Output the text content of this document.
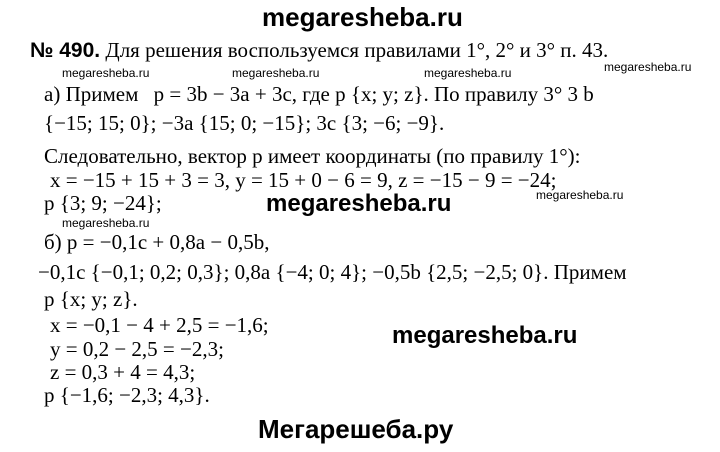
megaresheba.ru
№ 490. Для решения воспользуемся правилами 1°, 2° и 3° п. 43.
megaresheba.ru	megaresheba.ru	megaresheba.ru	megaresheba.ru
а) Примем p = 3b − 3a + 3c, где p {x; y; z}. По правилу 3° 3 b
{−15; 15; 0}; −3a {15; 0; −15}; 3c {3; −6; −9}.
Следовательно, вектор p имеет координаты (по правилу 1°):
x = −15 + 15 + 3 = 3, y = 15 + 0 − 6 = 9, z = −15 − 9 = −24;
p {3; 9; −24};	megaresheba.ru
megaresheba.ru
megaresheba.ru
б) p = −0,1c + 0,8a − 0,5b,
−0,1c {−0,1; 0,2; 0,3}; 0,8a {−4; 0; 4}; −0,5b {2,5; −2,5; 0}. Примем
p {x; y; z}.
x = −0,1 − 4 + 2,5 = −1,6;	megaresheba.ru
y = 0,2 − 2,5 = −2,3;
z = 0,3 + 4 = 4,3;
p {−1,6; −2,3; 4,3}.
Мегарешеба.ру
